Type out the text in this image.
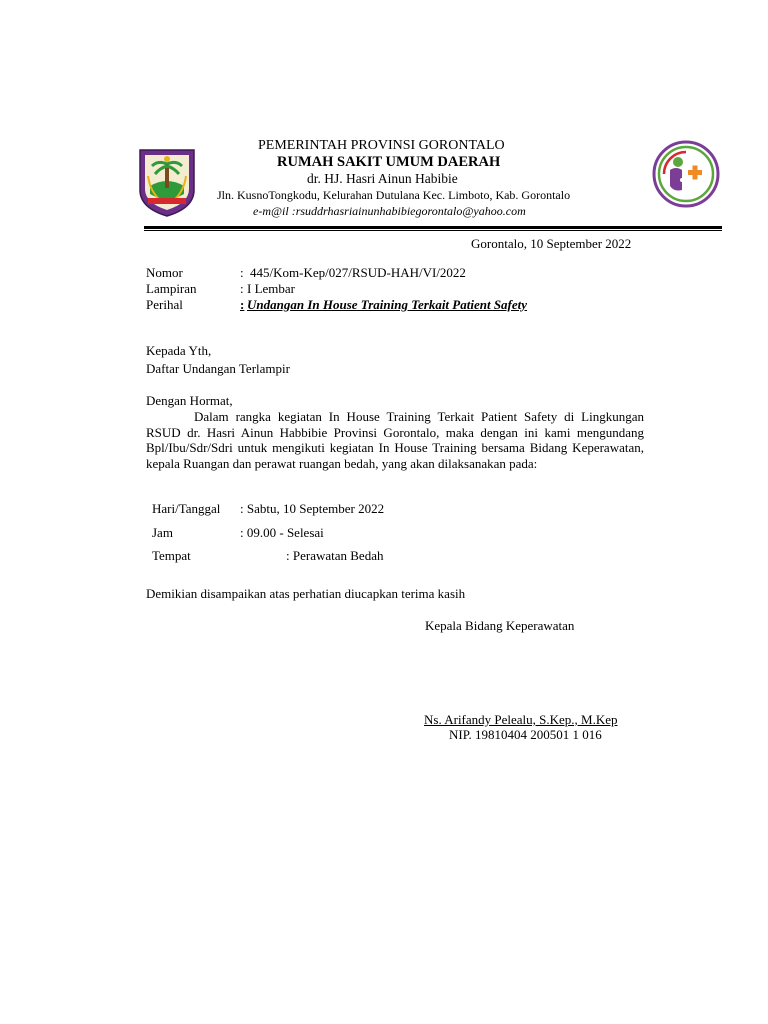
PEMERINTAH PROVINSI GORONTALO
RUMAH SAKIT UMUM DAERAH
dr. HJ. Hasri Ainun Habibie
Jln. KusnoTongkodu, Kelurahan Dutulana Kec. Limboto, Kab. Gorontalo
e-m@il :rsuddrhasriainunhabibiegorontalo@yahoo.com
Gorontalo, 10 September 2022
Nomor	: 445/Kom-Kep/027/RSUD-HAH/VI/2022
Lampiran	: I Lembar
Perihal	: Undangan In House Training Terkait Patient Safety
Kepada Yth,
Daftar Undangan Terlampir
Dengan Hormat,
Dalam rangka kegiatan In House Training Terkait Patient Safety di Lingkungan RSUD dr. Hasri Ainun Habbibie Provinsi Gorontalo, maka dengan ini kami mengundang Bpl/Ibu/Sdr/Sdri untuk mengikuti kegiatan In House Training bersama Bidang Keperawatan, kepala Ruangan dan perawat ruangan bedah, yang akan dilaksanakan pada:
Hari/Tanggal : Sabtu, 10 September 2022
Jam	: 09.00 - Selesai
Tempat	: Perawatan Bedah
Demikian disampaikan atas perhatian diucapkan terima kasih
Kepala Bidang Keperawatan
Ns. Arifandy Pelealu, S.Kep., M.Kep
NIP. 19810404 200501 1 016
